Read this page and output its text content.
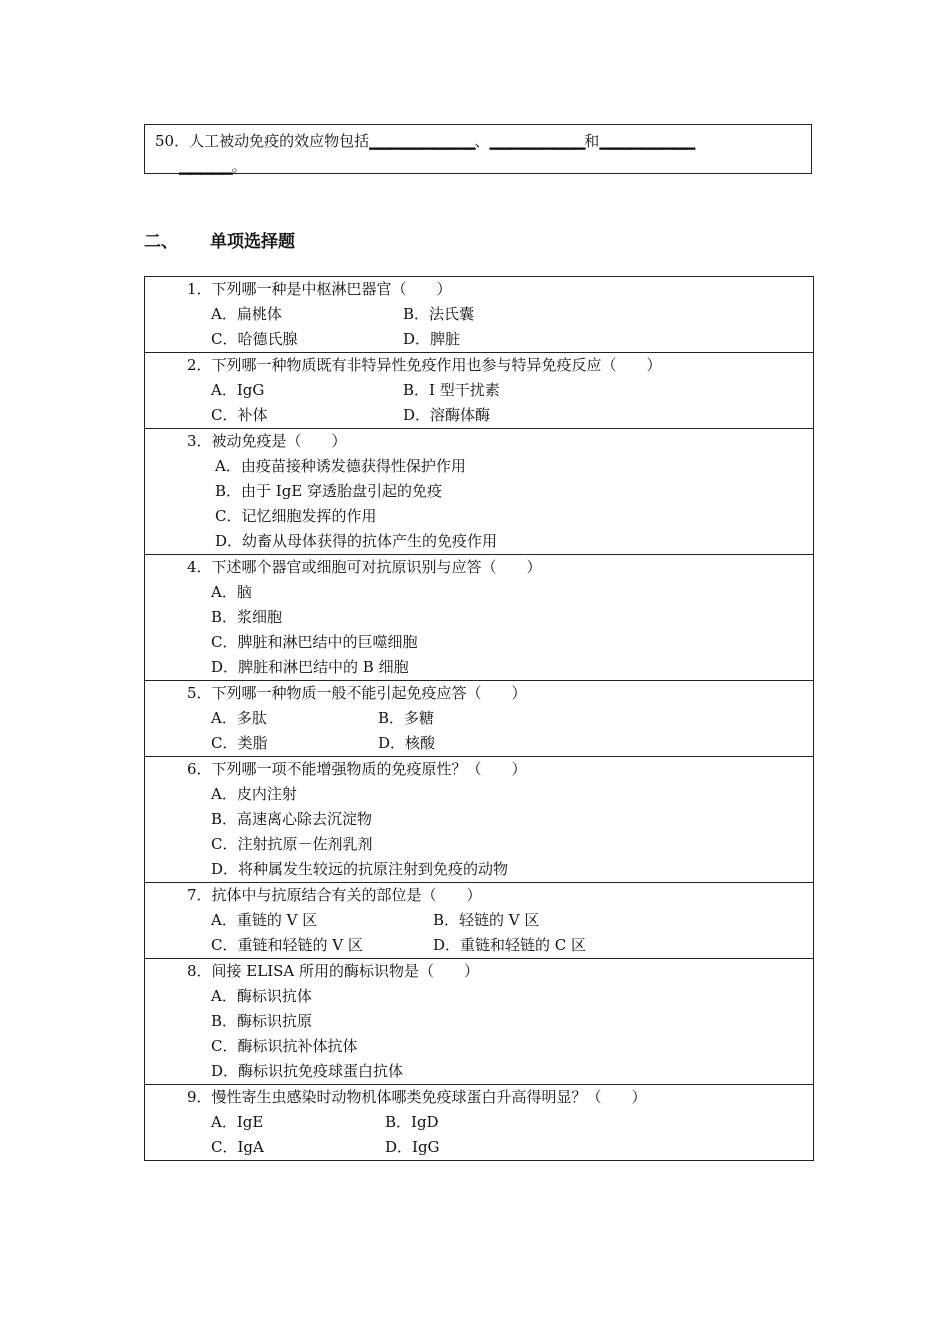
50．人工被动免疫的效应物包括▁▁▁▁▁▁▁▁▁▁、▁▁▁▁▁▁▁▁▁和▁▁▁▁▁▁▁▁▁
▁▁▁▁▁。
二、 单项选择题
1．下列哪一种是中枢淋巴器官（　　）
A．扁桃体	B．法氏囊
C．哈德氏腺	D．脾脏
2．下列哪一种物质既有非特异性免疫作用也参与特异免疫反应（　　）
A．IgG	B．I 型干扰素
C．补体	D．溶酶体酶
3．被动免疫是（　　）
A．由疫苗接种诱发德获得性保护作用
B．由于 IgE 穿透胎盘引起的免疫
C．记忆细胞发挥的作用
D．幼畜从母体获得的抗体产生的免疫作用
4．下述哪个器官或细胞可对抗原识别与应答（　　）
A．脑
B．浆细胞
C．脾脏和淋巴结中的巨噬细胞
D．脾脏和淋巴结中的 B 细胞
5．下列哪一种物质一般不能引起免疫应答（　　）
A．多肽	B．多糖
C．类脂	D．核酸
6．下列哪一项不能增强物质的免疫原性？（　　）
A．皮内注射
B．高速离心除去沉淀物
C．注射抗原－佐剂乳剂
D．将种属发生较远的抗原注射到免疫的动物
7．抗体中与抗原结合有关的部位是（　　）
A．重链的 V 区	B．轻链的 V 区
C．重链和轻链的 V 区	D．重链和轻链的 C 区
8．间接 ELISA 所用的酶标识物是（　　）
A．酶标识抗体
B．酶标识抗原
C．酶标识抗补体抗体
D．酶标识抗免疫球蛋白抗体
9．慢性寄生虫感染时动物机体哪类免疫球蛋白升高得明显？（　　）
A．IgE	B．IgD
C．IgA	D．IgG
